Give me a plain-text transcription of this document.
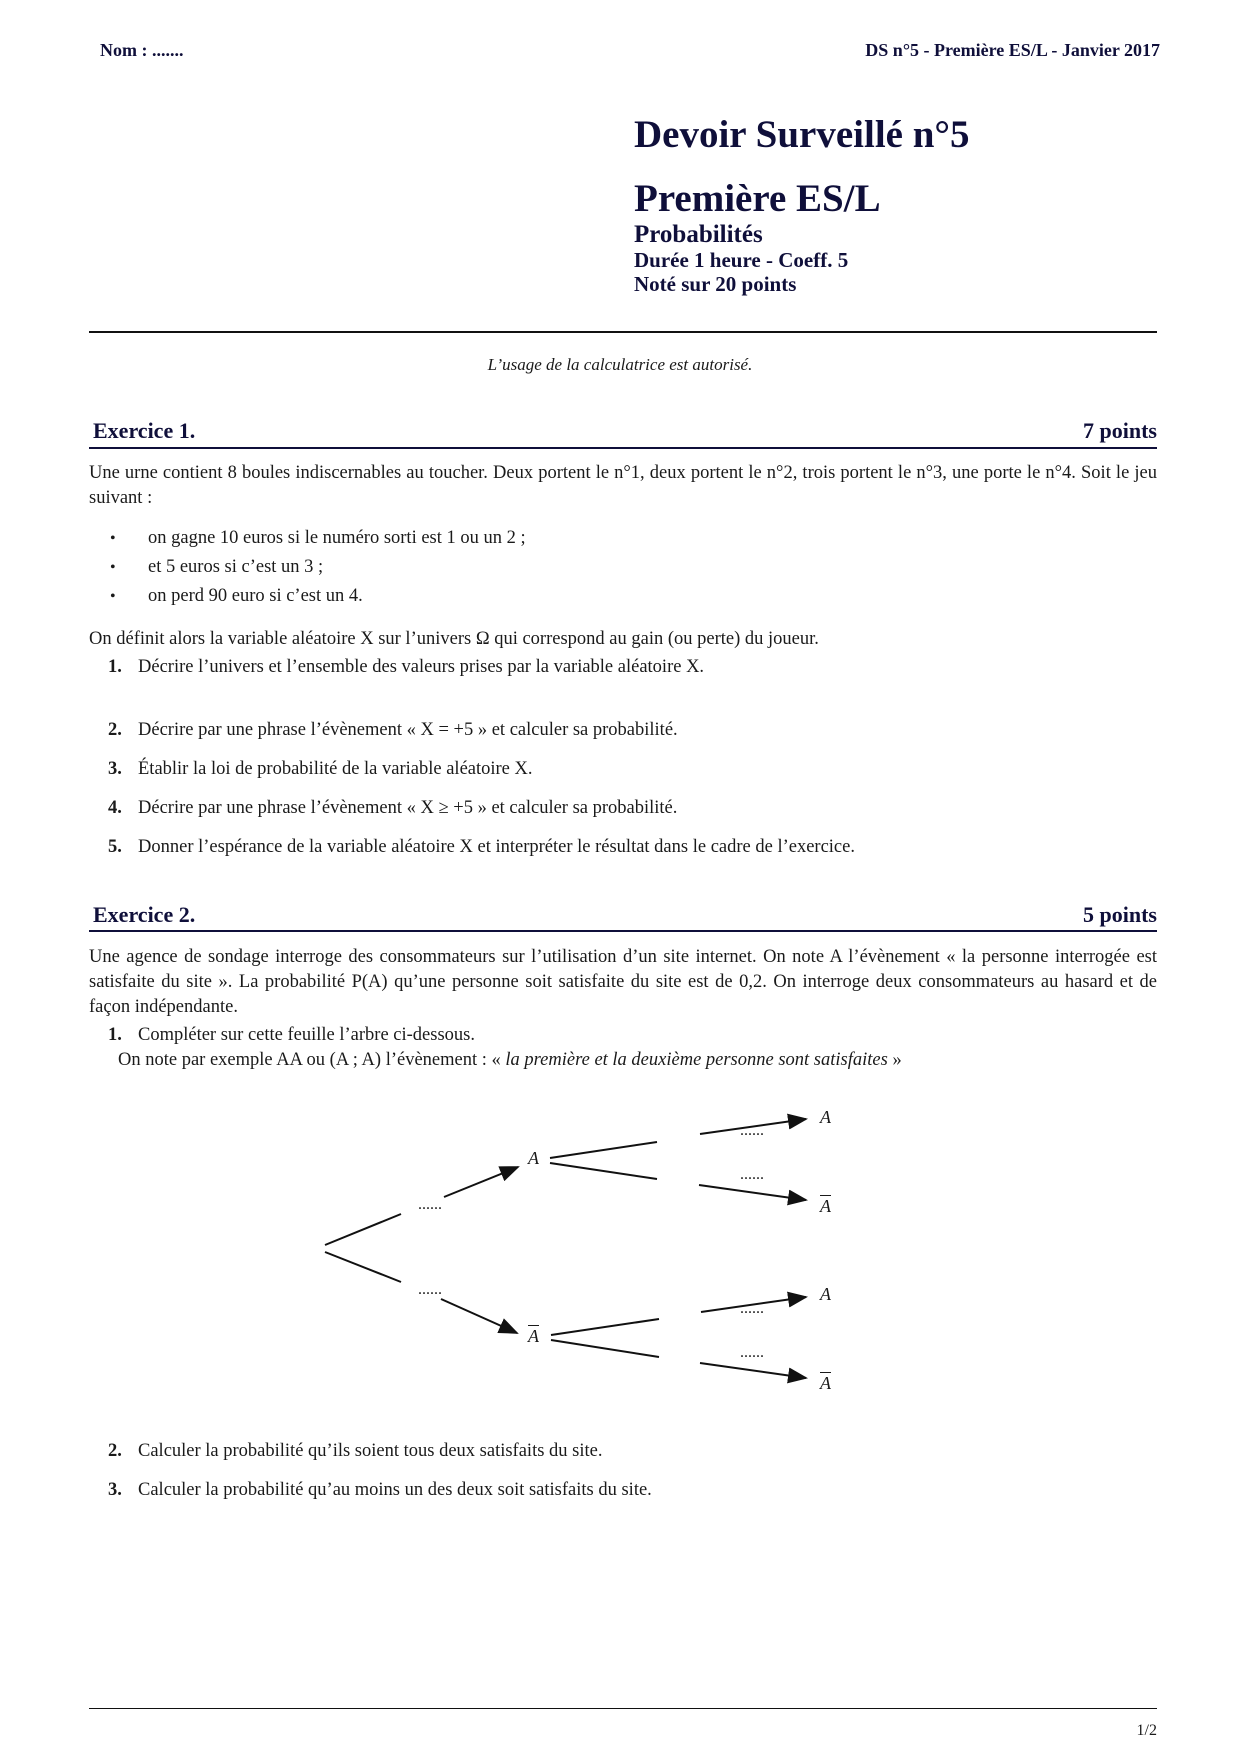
Nom : .......	DS n°5 - Première ES/L - Janvier 2017
Devoir Surveillé n°5
Première ES/L
Probabilités
Durée 1 heure - Coeff. 5
Noté sur 20 points
L’usage de la calculatrice est autorisé.
Exercice 1.	7 points
Une urne contient 8 boules indiscernables au toucher. Deux portent le n°1, deux portent le n°2, trois portent le n°3, une porte le n°4. Soit le jeu suivant :
•	on gagne 10 euros si le numéro sorti est 1 ou un 2 ;
•	et 5 euros si c’est un 3 ;
•	on perd 90 euro si c’est un 4.
On définit alors la variable aléatoire X sur l’univers Ω qui correspond au gain (ou perte) du joueur.
1. Décrire l’univers et l’ensemble des valeurs prises par la variable aléatoire X.
2. Décrire par une phrase l’évènement « X = +5 » et calculer sa probabilité.
3. Établir la loi de probabilité de la variable aléatoire X.
4. Décrire par une phrase l’évènement « X ≥ +5 » et calculer sa probabilité.
5. Donner l’espérance de la variable aléatoire X et interpréter le résultat dans le cadre de l’exercice.
Exercice 2.	5 points
Une agence de sondage interroge des consommateurs sur l’utilisation d’un site internet. On note A l’évènement « la personne interrogée est satisfaite du site ». La probabilité P(A) qu’une personne soit satisfaite du site est de 0,2. On interroge deux consommateurs au hasard et de façon indépendante.
1. Compléter sur cette feuille l’arbre ci-dessous.
On note par exemple AA ou (A ; A) l’évènement : « la première et la deuxième personne sont satisfaites »
......
......
......
......
......
......
A
$\overline{A}$
A
$\overline{A}$
A
$\overline{A}$
2. Calculer la probabilité qu’ils soient tous deux satisfaits du site.
3. Calculer la probabilité qu’au moins un des deux soit satisfaits du site.
1/2
